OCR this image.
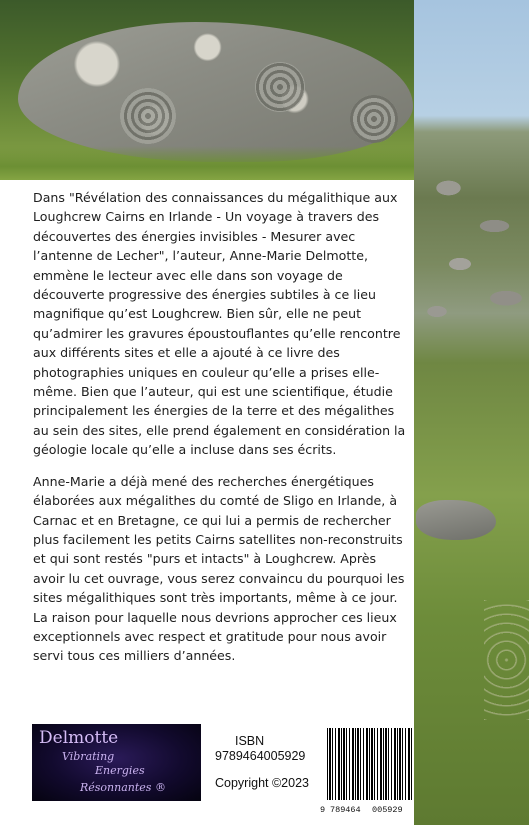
Dans "Révélation des connaissances du mégalithique aux Loughcrew Cairns en Irlande - Un voyage à travers des découvertes des énergies invisibles - Mesurer avec l’antenne de Lecher", l’auteur, Anne-Marie Delmotte, emmène le lecteur avec elle dans son voyage de découverte progressive des énergies subtiles à ce lieu magnifique qu’est Loughcrew. Bien sûr, elle ne peut qu’admirer les gravures époustouflantes qu’elle rencontre aux différents sites et elle a ajouté à ce livre des photographies uniques en couleur qu’elle a prises elle-même. Bien que l’auteur, qui est une scientifique, étudie principalement les énergies de la terre et des mégalithes au sein des sites, elle prend également en considération la géologie locale qu’elle a incluse dans ses écrits.

Anne-Marie a déjà mené des recherches énergétiques élaborées aux mégalithes du comté de Sligo en Irlande, à Carnac et en Bretagne, ce qui lui a permis de rechercher plus facilement les petits Cairns satellites non-reconstruits et qui sont restés "purs et intacts" à Loughcrew. Après avoir lu cet ouvrage, vous serez convaincu du pourquoi les sites mégalithiques sont très importants, même à ce jour. La raison pour laquelle nous devrions approcher ces lieux exceptionnels avec respect et gratitude pour nous avoir servi tous ces milliers d’années.

Delmotte
Vibrating
Energies
Résonnantes ®
ISBN
9789464005929
Copyright ©2023
9 789464 005929
